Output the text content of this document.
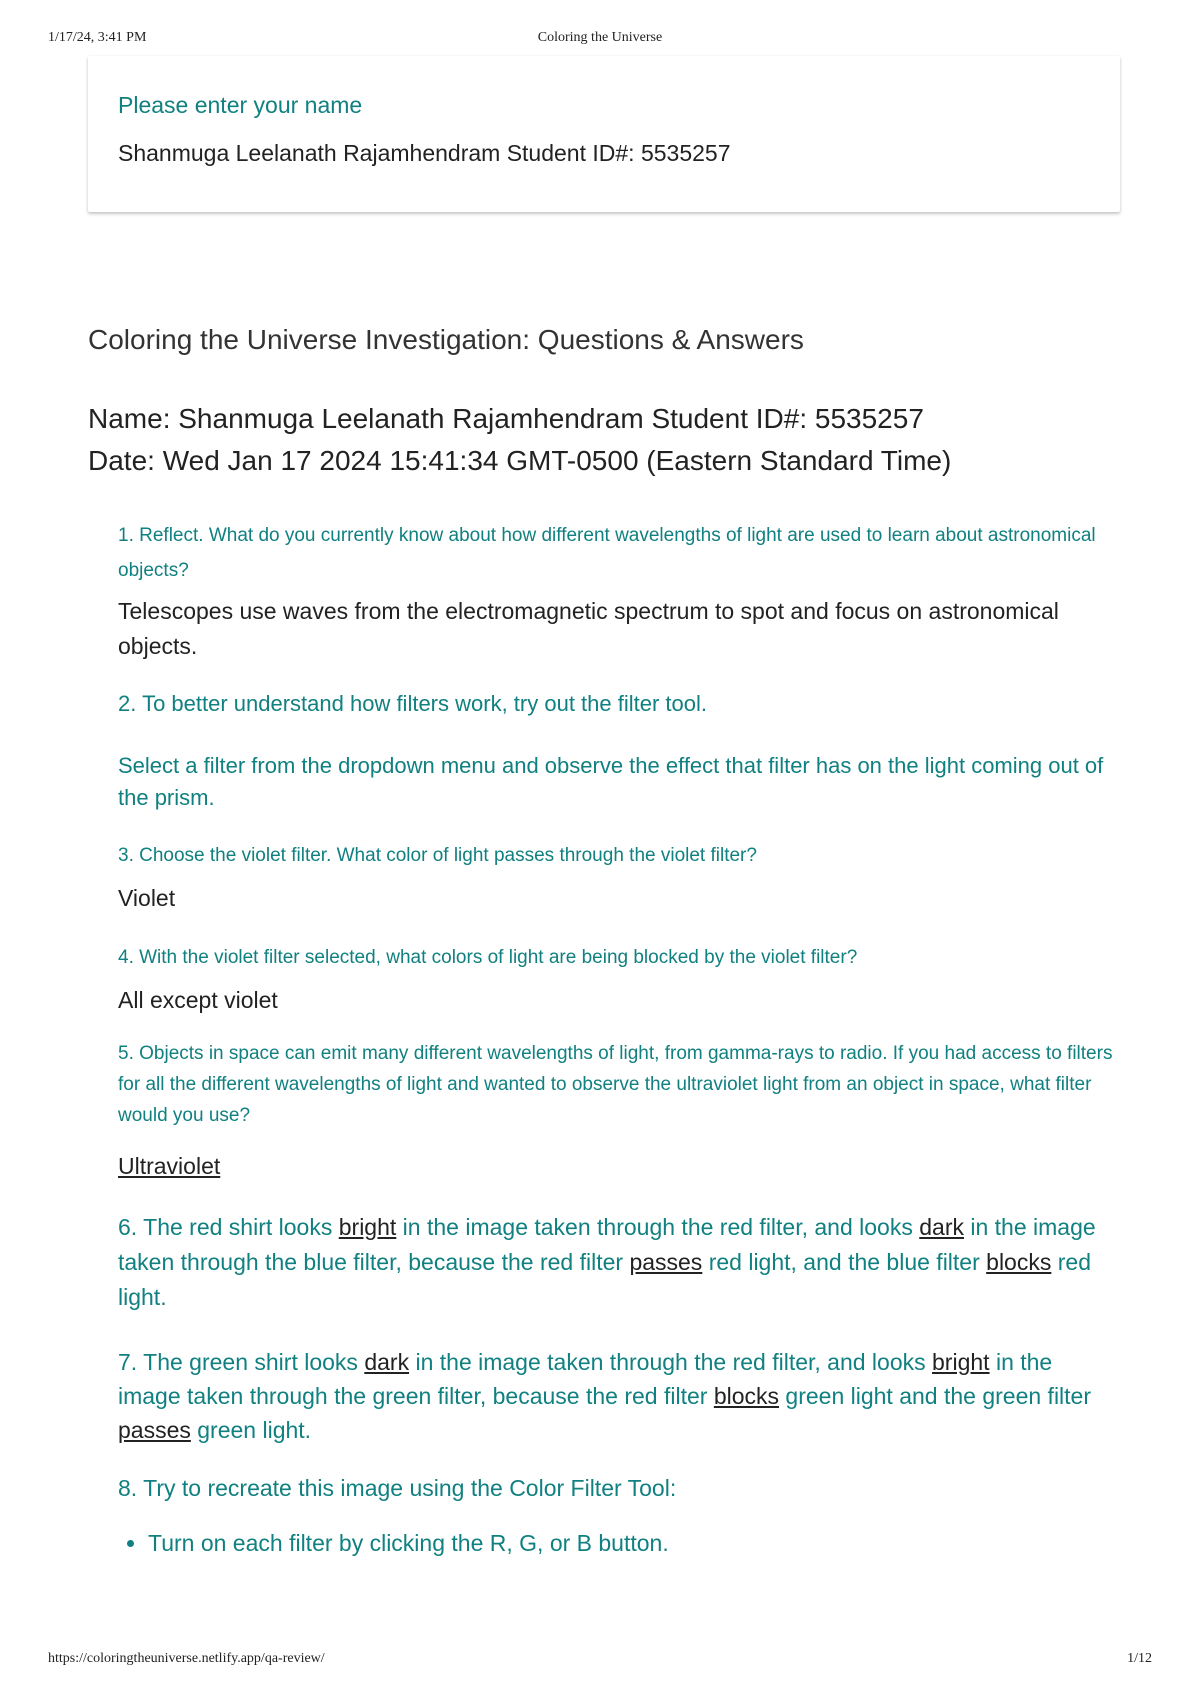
1/17/24, 3:41 PM	Coloring the Universe
Please enter your name
Shanmuga Leelanath Rajamhendram Student ID#: 5535257
Coloring the Universe Investigation: Questions & Answers
Name: Shanmuga Leelanath Rajamhendram Student ID#: 5535257
Date: Wed Jan 17 2024 15:41:34 GMT-0500 (Eastern Standard Time)

1. Reflect. What do you currently know about how different wavelengths of light are used to learn about astronomical objects?

Telescopes use waves from the electromagnetic spectrum to spot and focus on astronomical objects.

2. To better understand how filters work, try out the filter tool.

Select a filter from the dropdown menu and observe the effect that filter has on the light coming out of the prism.

3. Choose the violet filter. What color of light passes through the violet filter?

Violet

4. With the violet filter selected, what colors of light are being blocked by the violet filter?

All except violet

5. Objects in space can emit many different wavelengths of light, from gamma-rays to radio. If you had access to filters for all the different wavelengths of light and wanted to observe the ultraviolet light from an object in space, what filter would you use?

Ultraviolet

6. The red shirt looks bright in the image taken through the red filter, and looks dark in the image taken through the blue filter, because the red filter passes red light, and the blue filter blocks red light.

7. The green shirt looks dark in the image taken through the red filter, and looks bright in the image taken through the green filter, because the red filter blocks green light and the green filter passes green light.

8. Try to recreate this image using the Color Filter Tool:

• Turn on each filter by clicking the R, G, or B button.
https://coloringtheuniverse.netlify.app/qa-review/	1/12
